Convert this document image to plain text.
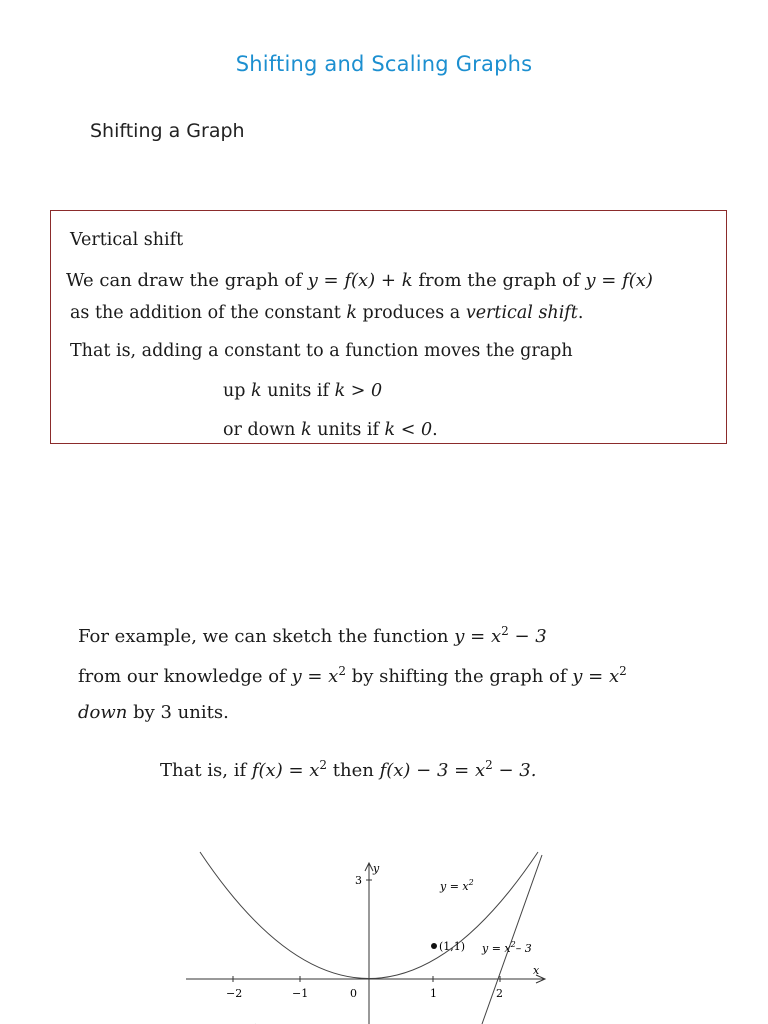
Shifting and Scaling Graphs
Shifting a Graph
Vertical shift
We can draw the graph of y = f(x) + k from the graph of y = f(x)
as the addition of the constant k produces a vertical shift.
That is, adding a constant to a function moves the graph
up k units if k > 0
or down k units if k < 0.
For example, we can sketch the function $y = x^2 - 3$
from our knowledge of $y = x^2$ by shifting the graph of $y = x^2$
down by 3 units.
That is, if $f(x) = x^2$ then $f(x) - 3 = x^2 - 3$.
−2	−1	0	1	2
3
x
y
(1,1)
$y = x^2$
$y = x^2-$ 3
